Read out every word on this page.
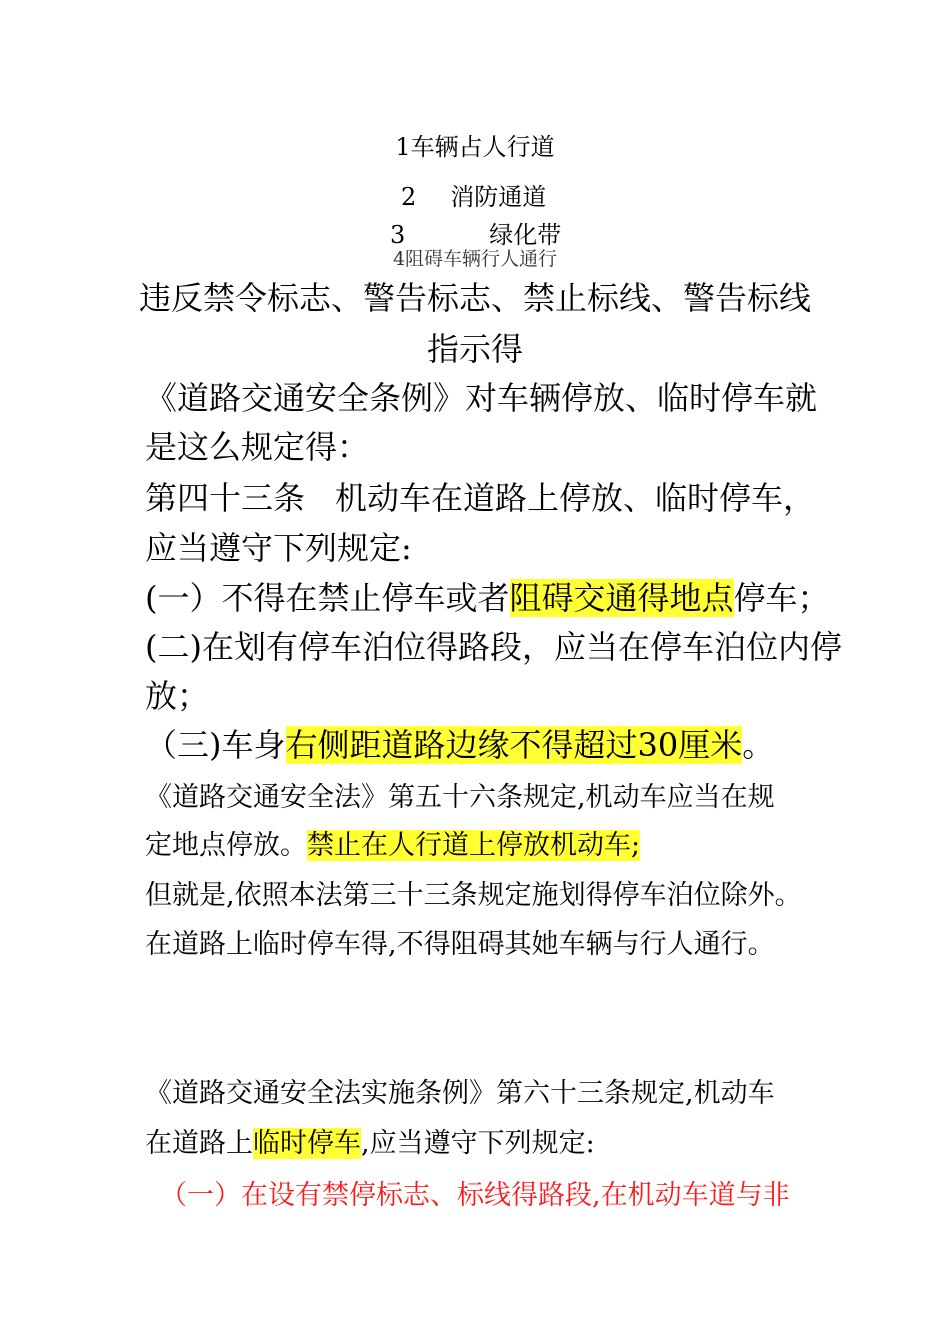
1车辆占人行道
2 消防通道
3	绿化带
4阻碍车辆行人通行
违反禁令标志、警告标志、禁止标线、警告标线
指示得
《道路交通安全条例》对车辆停放、临时停车就
是这么规定得：
第四十三条 机动车在道路上停放、临时停车，
应当遵守下列规定:
(一）不得在禁止停车或者阻碍交通得地点停车；
(二)在划有停车泊位得路段，应当在停车泊位内停
放；
（三)车身右侧距道路边缘不得超过30厘米。
《道路交通安全法》第五十六条规定,机动车应当在规
定地点停放。禁止在人行道上停放机动车;
但就是,依照本法第三十三条规定施划得停车泊位除外。
在道路上临时停车得,不得阻碍其她车辆与行人通行。
《道路交通安全法实施条例》第六十三条规定,机动车
在道路上临时停车,应当遵守下列规定:
（一）在设有禁停标志、标线得路段,在机动车道与非
